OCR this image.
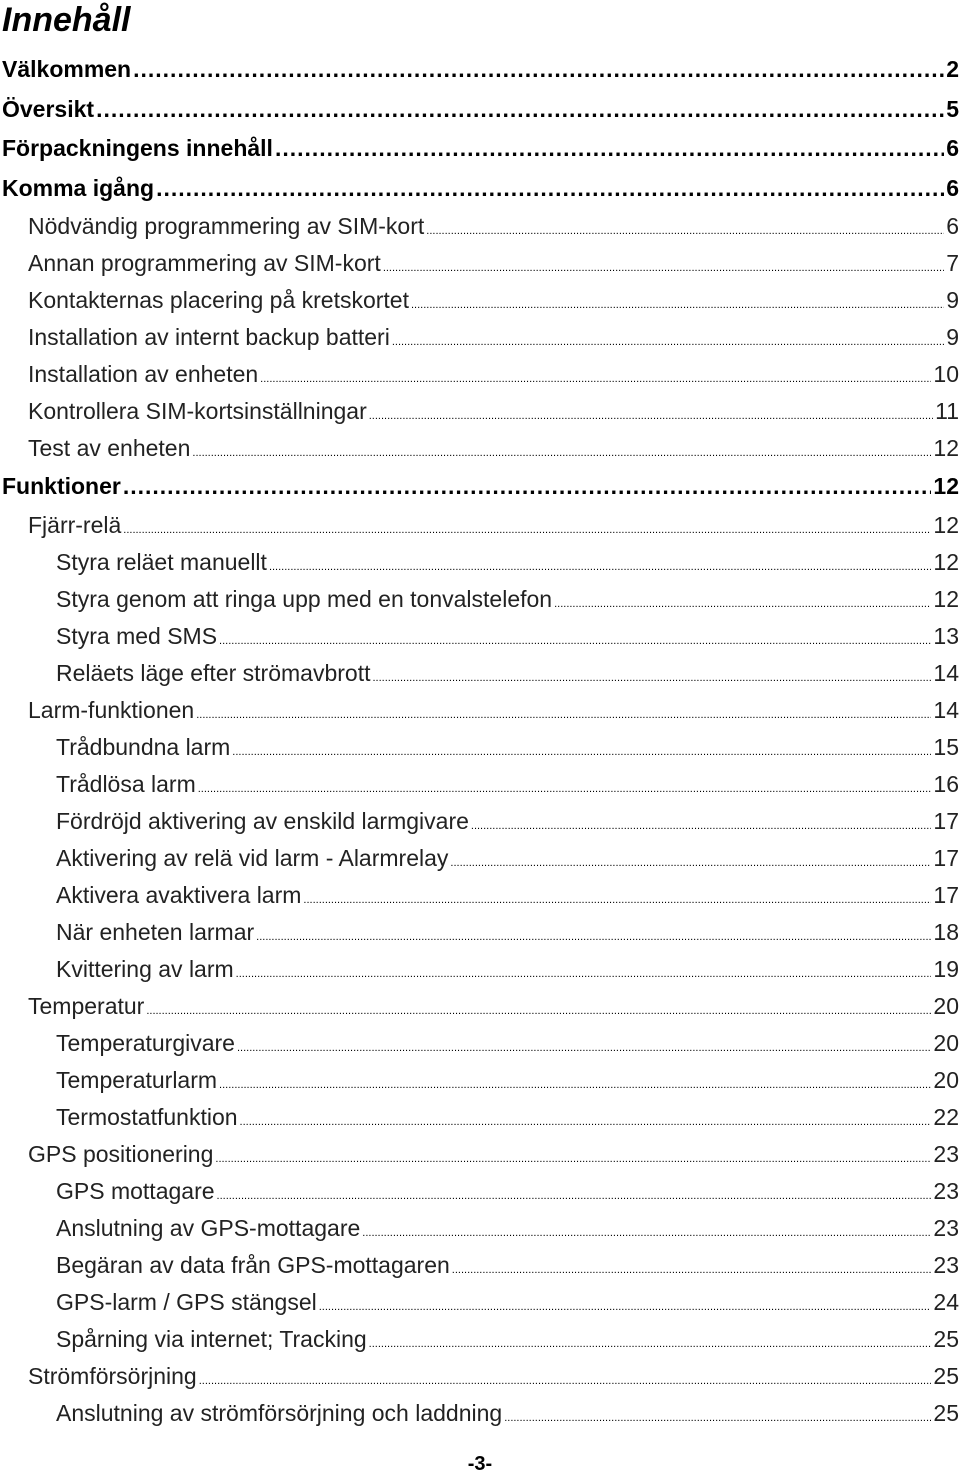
Innehåll
Välkommen .....	2
Översikt .....	5
Förpackningens innehåll .....	6
Komma igång .....	6
Nödvändig programmering av SIM-kort .....	6
Annan programmering av SIM-kort .....	7
Kontakternas placering på kretskortet .....	9
Installation av internt backup batteri .....	9
Installation av enheten .....	10
Kontrollera SIM-kortsinställningar .....	11
Test av enheten .....	12
Funktioner .....	12
Fjärr-relä .....	12
Styra reläet manuellt .....	12
Styra genom att ringa upp med en tonvalstelefon .....	12
Styra med SMS .....	13
Reläets läge efter strömavbrott .....	14
Larm-funktionen .....	14
Trådbundna larm .....	15
Trådlösa larm .....	16
Fördröjd aktivering av enskild larmgivare .....	17
Aktivering av relä vid larm - Alarmrelay .....	17
Aktivera avaktivera larm .....	17
När enheten larmar .....	18
Kvittering av larm .....	19
Temperatur .....	20
Temperaturgivare .....	20
Temperaturlarm .....	20
Termostatfunktion .....	22
GPS positionering .....	23
GPS mottagare .....	23
Anslutning av GPS-mottagare .....	23
Begäran av data från GPS-mottagaren .....	23
GPS-larm / GPS stängsel .....	24
Spårning via internet; Tracking .....	25
Strömförsörjning .....	25
Anslutning av strömförsörjning och laddning .....	25
-3-
